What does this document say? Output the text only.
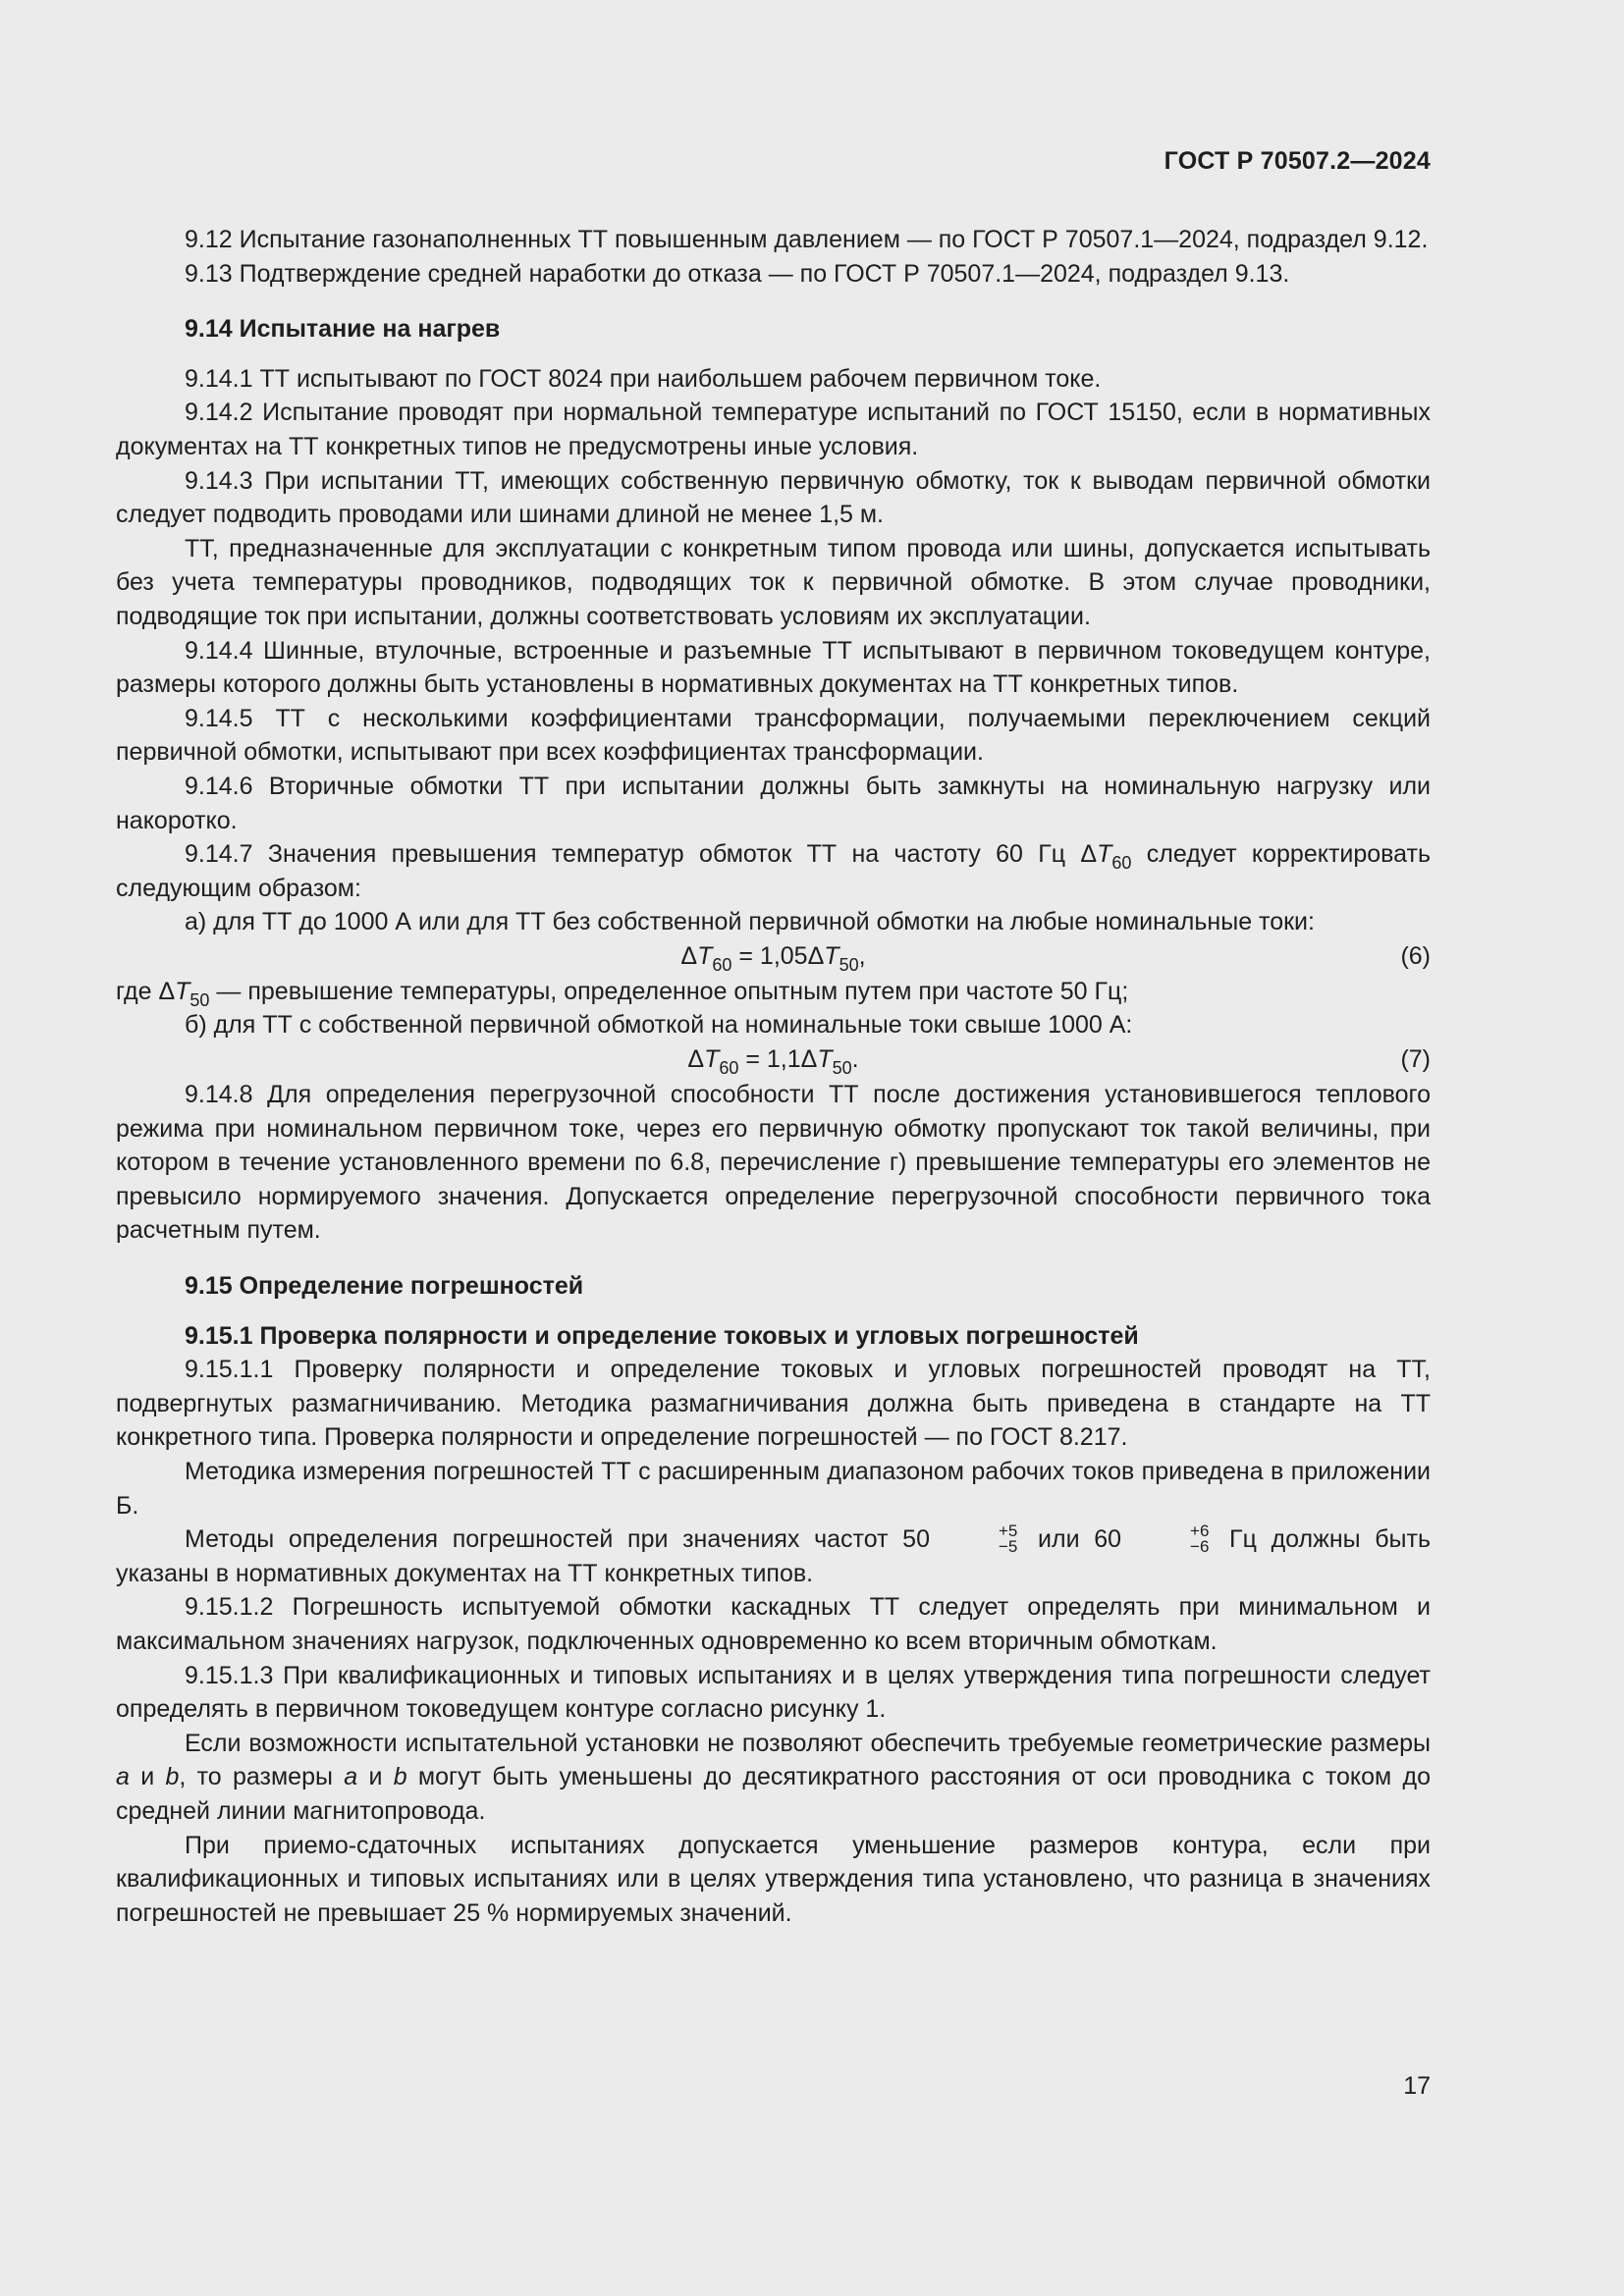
ГОСТ Р 70507.2—2024

9.12 Испытание газонаполненных ТТ повышенным давлением — по ГОСТ Р 70507.1—2024, подраздел 9.12.

9.13 Подтверждение средней наработки до отказа — по ГОСТ Р 70507.1—2024, подраздел 9.13.

9.14 Испытание на нагрев

9.14.1 ТТ испытывают по ГОСТ 8024 при наибольшем рабочем первичном токе.

9.14.2 Испытание проводят при нормальной температуре испытаний по ГОСТ 15150, если в нормативных документах на ТТ конкретных типов не предусмотрены иные условия.

9.14.3 При испытании ТТ, имеющих собственную первичную обмотку, ток к выводам первичной обмотки следует подводить проводами или шинами длиной не менее 1,5 м.

ТТ, предназначенные для эксплуатации с конкретным типом провода или шины, допускается испытывать без учета температуры проводников, подводящих ток к первичной обмотке. В этом случае проводники, подводящие ток при испытании, должны соответствовать условиям их эксплуатации.

9.14.4 Шинные, втулочные, встроенные и разъемные ТТ испытывают в первичном токоведущем контуре, размеры которого должны быть установлены в нормативных документах на ТТ конкретных типов.

9.14.5 ТТ с несколькими коэффициентами трансформации, получаемыми переключением секций первичной обмотки, испытывают при всех коэффициентах трансформации.

9.14.6 Вторичные обмотки ТТ при испытании должны быть замкнуты на номинальную нагрузку или накоротко.

9.14.7 Значения превышения температур обмоток ТТ на частоту 60 Гц $\Delta T_{60}$ следует корректировать следующим образом:

а) для ТТ до 1000 А или для ТТ без собственной первичной обмотки на любые номинальные токи:

$\Delta T_{60} = 1,05\Delta T_{50}$,	(6)

где $\Delta T_{50}$ — превышение температуры, определенное опытным путем при частоте 50 Гц;

б) для ТТ с собственной первичной обмоткой на номинальные токи свыше 1000 А:

$\Delta T_{60} = 1,1\Delta T_{50}$.	(7)

9.14.8 Для определения перегрузочной способности ТТ после достижения установившегося теплового режима при номинальном первичном токе, через его первичную обмотку пропускают ток такой величины, при котором в течение установленного времени по 6.8, перечисление г) превышение температуры его элементов не превысило нормируемого значения. Допускается определение перегрузочной способности первичного тока расчетным путем.

9.15 Определение погрешностей

9.15.1 Проверка полярности и определение токовых и угловых погрешностей

9.15.1.1 Проверку полярности и определение токовых и угловых погрешностей проводят на ТТ, подвергнутых размагничиванию. Методика размагничивания должна быть приведена в стандарте на ТТ конкретного типа. Проверка полярности и определение погрешностей — по ГОСТ 8.217.

Методика измерения погрешностей ТТ с расширенным диапазоном рабочих токов приведена в приложении Б.

Методы определения погрешностей при значениях частот 50	+5
−5 или 60	+6
−6 Гц должны быть указаны в нормативных документах на ТТ конкретных типов.

9.15.1.2 Погрешность испытуемой обмотки каскадных ТТ следует определять при минимальном и максимальном значениях нагрузок, подключенных одновременно ко всем вторичным обмоткам.

9.15.1.3 При квалификационных и типовых испытаниях и в целях утверждения типа погрешности следует определять в первичном токоведущем контуре согласно рисунку 1.

Если возможности испытательной установки не позволяют обеспечить требуемые геометрические размеры a и b, то размеры a и b могут быть уменьшены до десятикратного расстояния от оси проводника с током до средней линии магнитопровода.

При приемо-сдаточных испытаниях допускается уменьшение размеров контура, если при квалификационных и типовых испытаниях или в целях утверждения типа установлено, что разница в значениях погрешностей не превышает 25 % нормируемых значений.

17
